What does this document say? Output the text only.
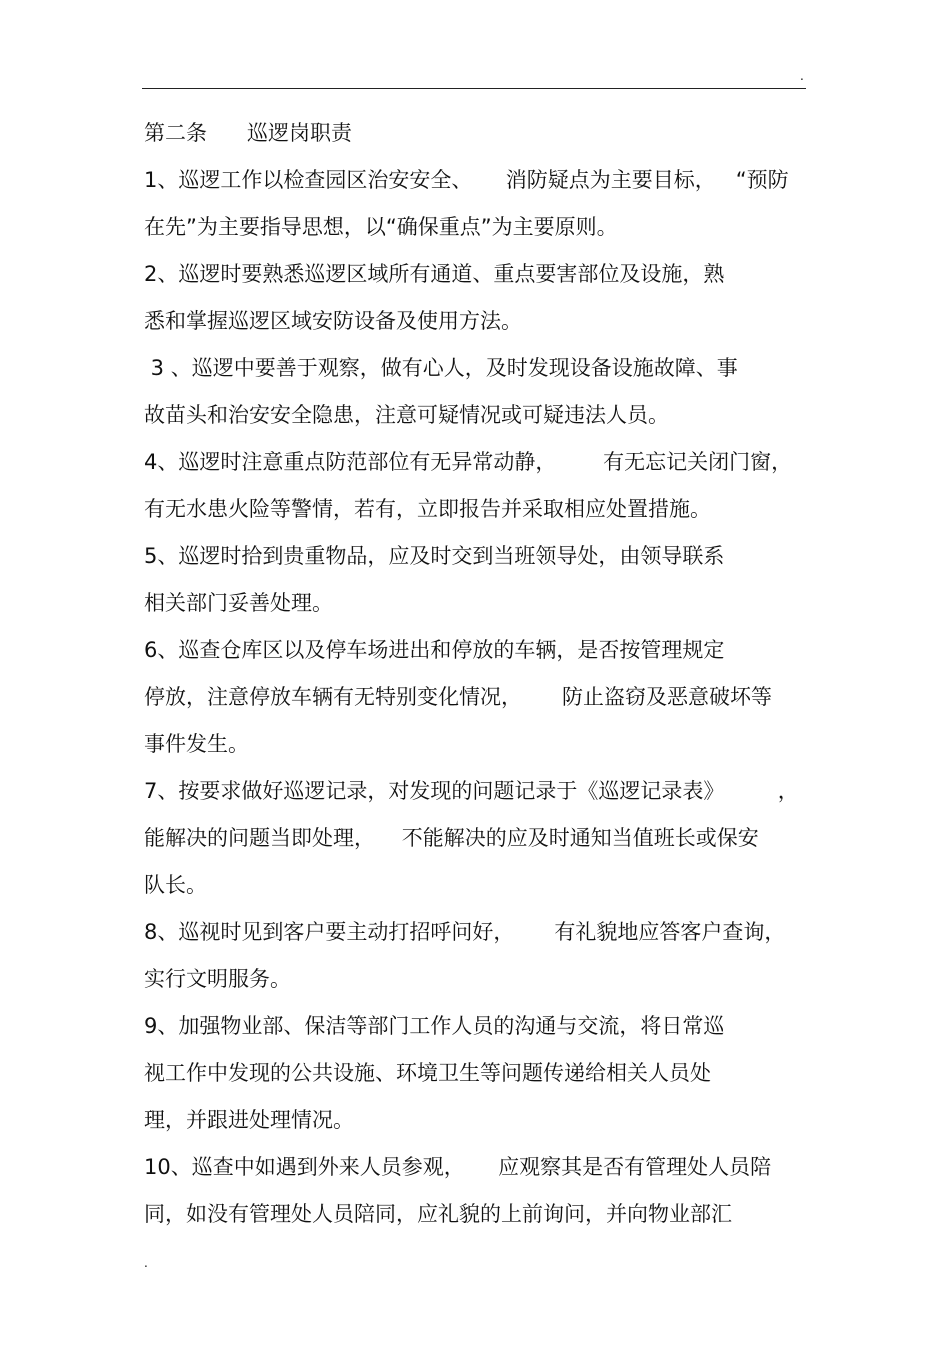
.
第二条      巡逻岗职责
1、巡逻工作以检查园区治安安全、     消防疑点为主要目标，   “预防
在先”为主要指导思想，以“确保重点”为主要原则。
2、巡逻时要熟悉巡逻区域所有通道、重点要害部位及设施，熟
悉和掌握巡逻区域安防设备及使用方法。
3 、巡逻中要善于观察，做有心人，及时发现设备设施故障、事
故苗头和治安安全隐患，注意可疑情况或可疑违法人员。
4、巡逻时注意重点防范部位有无异常动静，       有无忘记关闭门窗，
有无水患火险等警情，若有，立即报告并采取相应处置措施。
5、巡逻时拾到贵重物品，应及时交到当班领导处，由领导联系
相关部门妥善处理。
6、巡查仓库区以及停车场进出和停放的车辆，是否按管理规定
停放，注意停放车辆有无特别变化情况，      防止盗窃及恶意破坏等
事件发生。
7、按要求做好巡逻记录，对发现的问题记录于《巡逻记录表》        ，
能解决的问题当即处理，    不能解决的应及时通知当值班长或保安
队长。
8、巡视时见到客户要主动打招呼问好，      有礼貌地应答客户查询，
实行文明服务。
9、加强物业部、保洁等部门工作人员的沟通与交流，将日常巡
视工作中发现的公共设施、环境卫生等问题传递给相关人员处
理，并跟进处理情况。
10、巡查中如遇到外来人员参观，     应观察其是否有管理处人员陪
同，如没有管理处人员陪同，应礼貌的上前询问，并向物业部汇
.
